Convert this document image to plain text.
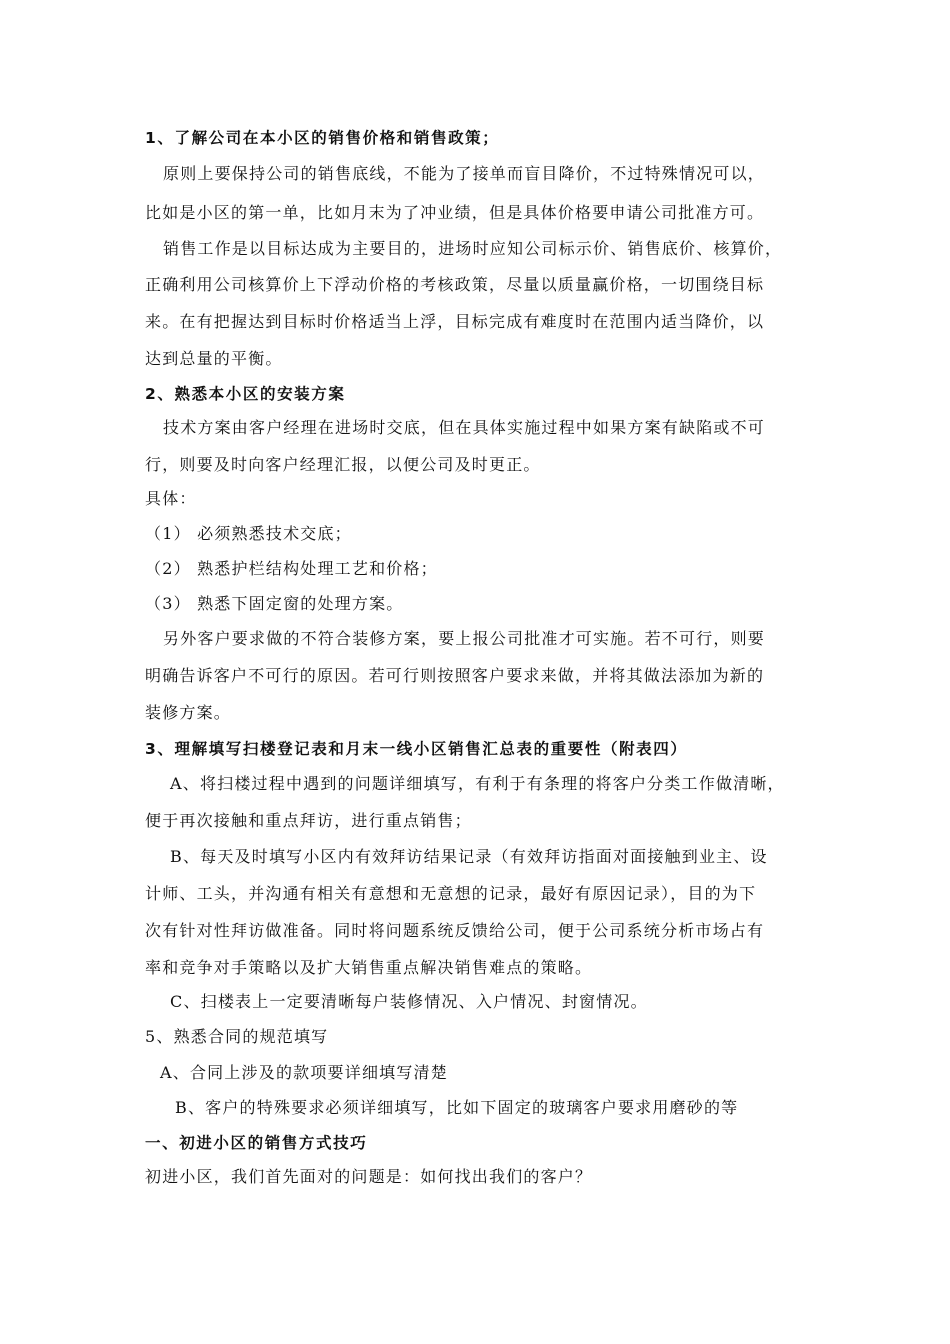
1、了解公司在本小区的销售价格和销售政策；
原则上要保持公司的销售底线，不能为了接单而盲目降价，不过特殊情况可以，
比如是小区的第一单，比如月末为了冲业绩，但是具体价格要申请公司批准方可。
销售工作是以目标达成为主要目的，进场时应知公司标示价、销售底价、核算价，
正确利用公司核算价上下浮动价格的考核政策，尽量以质量赢价格，一切围绕目标
来。在有把握达到目标时价格适当上浮，目标完成有难度时在范围内适当降价，以
达到总量的平衡。
2、熟悉本小区的安装方案
技术方案由客户经理在进场时交底，但在具体实施过程中如果方案有缺陷或不可
行，则要及时向客户经理汇报，以便公司及时更正。
具体：
（1） 必须熟悉技术交底；
（2） 熟悉护栏结构处理工艺和价格；
（3） 熟悉下固定窗的处理方案。
另外客户要求做的不符合装修方案，要上报公司批准才可实施。若不可行，则要
明确告诉客户不可行的原因。若可行则按照客户要求来做，并将其做法添加为新的
装修方案。
3、理解填写扫楼登记表和月末一线小区销售汇总表的重要性（附表四）
A、将扫楼过程中遇到的问题详细填写，有利于有条理的将客户分类工作做清晰，
便于再次接触和重点拜访，进行重点销售；
B、每天及时填写小区内有效拜访结果记录（有效拜访指面对面接触到业主、设
计师、工头，并沟通有相关有意想和无意想的记录，最好有原因记录），目的为下
次有针对性拜访做准备。同时将问题系统反馈给公司，便于公司系统分析市场占有
率和竞争对手策略以及扩大销售重点解决销售难点的策略。
C、扫楼表上一定要清晰每户装修情况、入户情况、封窗情况。
5、熟悉合同的规范填写
A、合同上涉及的款项要详细填写清楚
B、客户的特殊要求必须详细填写，比如下固定的玻璃客户要求用磨砂的等
一、初进小区的销售方式技巧
初进小区，我们首先面对的问题是：如何找出我们的客户？
